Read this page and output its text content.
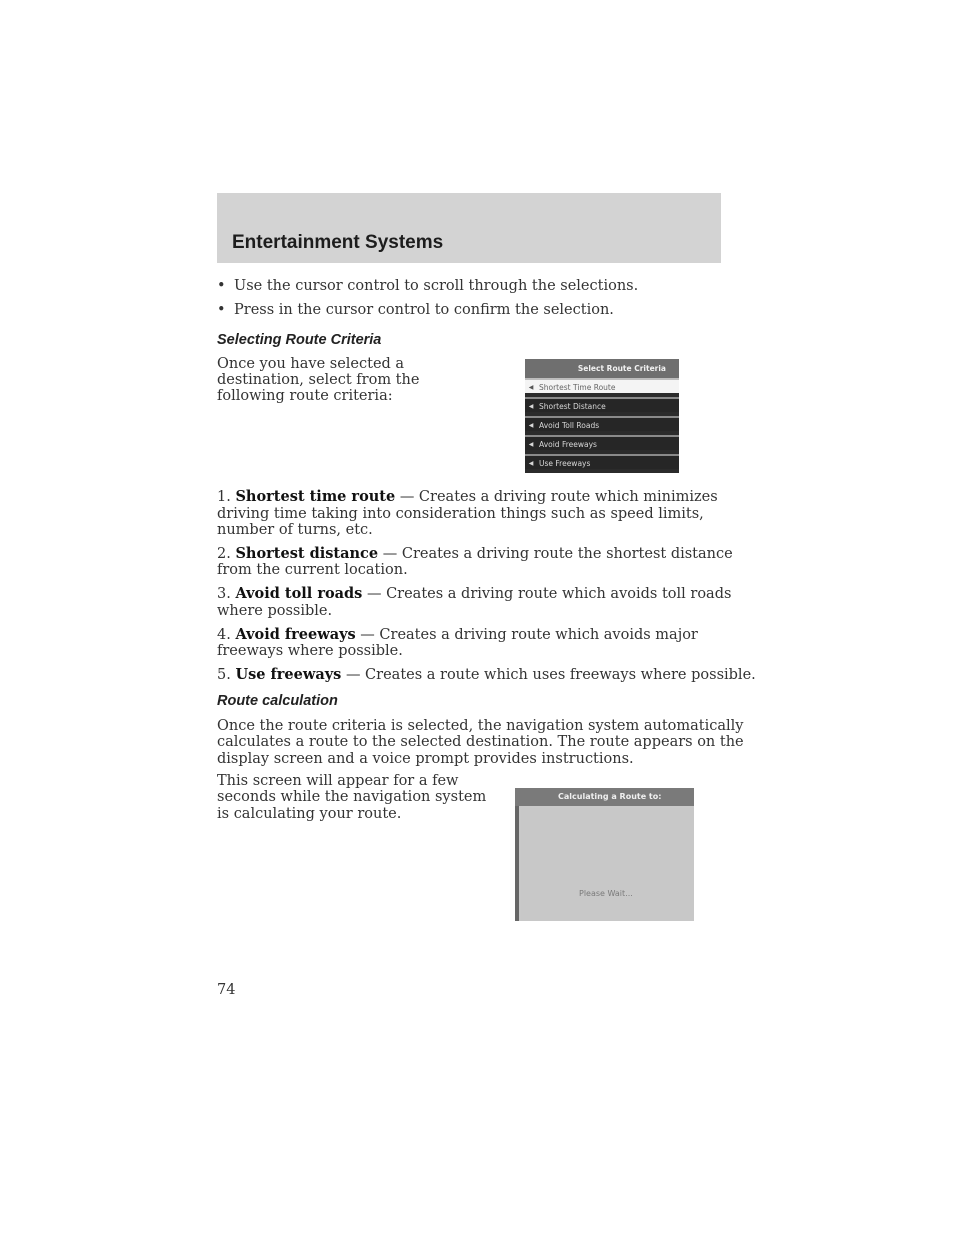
Entertainment Systems
• Use the cursor control to scroll through the selections.
• Press in the cursor control to confirm the selection.
Selecting Route Criteria
Once you have selected a
destination, select from the
following route criteria:
Select Route Criteria
◀ Shortest Time Route
◀ Shortest Distance
◀ Avoid Toll Roads
◀ Avoid Freeways
◀ Use Freeways
1. Shortest time route — Creates a driving route which minimizes
driving time taking into consideration things such as speed limits,
number of turns, etc.
2. Shortest distance — Creates a driving route the shortest distance
from the current location.
3. Avoid toll roads — Creates a driving route which avoids toll roads
where possible.
4. Avoid freeways — Creates a driving route which avoids major
freeways where possible.
5. Use freeways — Creates a route which uses freeways where possible.
Route calculation
Once the route criteria is selected, the navigation system automatically
calculates a route to the selected destination. The route appears on the
display screen and a voice prompt provides instructions.
This screen will appear for a few
seconds while the navigation system
is calculating your route.
Calculating a Route to:
Please Wait...
74
